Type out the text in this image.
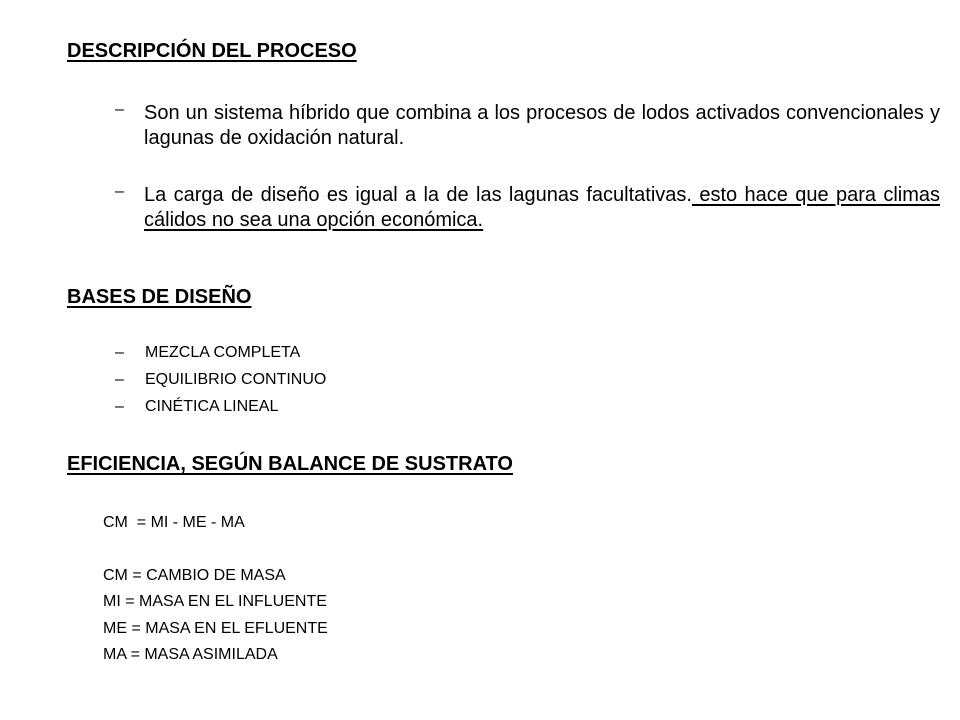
DESCRIPCIÓN DEL PROCESO
–	Son un sistema híbrido que combina a los procesos de lodos activados convencionales y lagunas de oxidación natural.
–	La carga de diseño es igual a la de las lagunas facultativas. esto hace que para climas cálidos no sea una opción económica.
BASES DE DISEÑO
–	MEZCLA COMPLETA
–	EQUILIBRIO CONTINUO
–	CINÉTICA LINEAL
EFICIENCIA, SEGÚN BALANCE DE SUSTRATO
CM  = MI - ME - MA
CM = CAMBIO DE MASA
MI = MASA EN EL INFLUENTE
ME = MASA EN EL EFLUENTE
MA = MASA ASIMILADA
